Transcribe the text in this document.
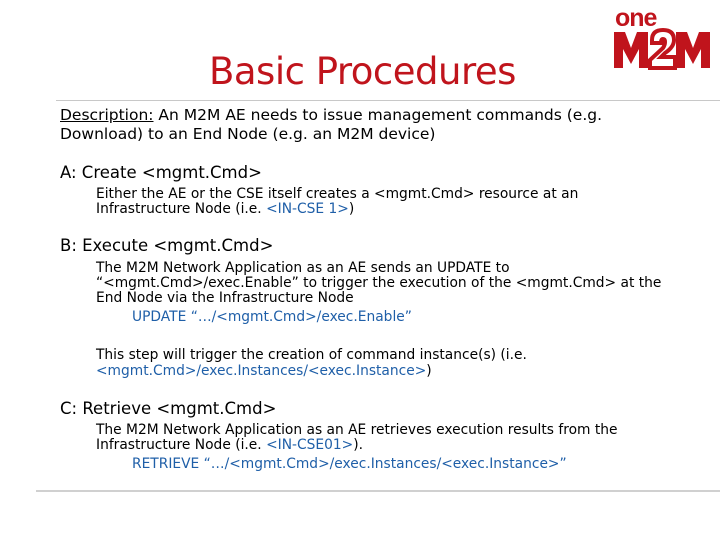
one
Basic Procedures
Description: An M2M AE needs to issue management commands (e.g.
Download) to an End Node (e.g. an M2M device)
A: Create <mgmt.Cmd>
Either the AE or the CSE itself creates a <mgmt.Cmd> resource at an
Infrastructure Node (i.e. <IN-CSE 1>)
B: Execute <mgmt.Cmd>
The M2M Network Application as an AE sends an UPDATE to
“<mgmt.Cmd>/exec.Enable” to trigger the execution of the <mgmt.Cmd> at the
End Node via the Infrastructure Node
UPDATE “…/<mgmt.Cmd>/exec.Enable”
This step will trigger the creation of command instance(s) (i.e.
<mgmt.Cmd>/exec.Instances/<exec.Instance>)
C: Retrieve <mgmt.Cmd>
The M2M Network Application as an AE retrieves execution results from the
Infrastructure Node (i.e. <IN-CSE01>).
RETRIEVE “…/<mgmt.Cmd>/exec.Instances/<exec.Instance>”
